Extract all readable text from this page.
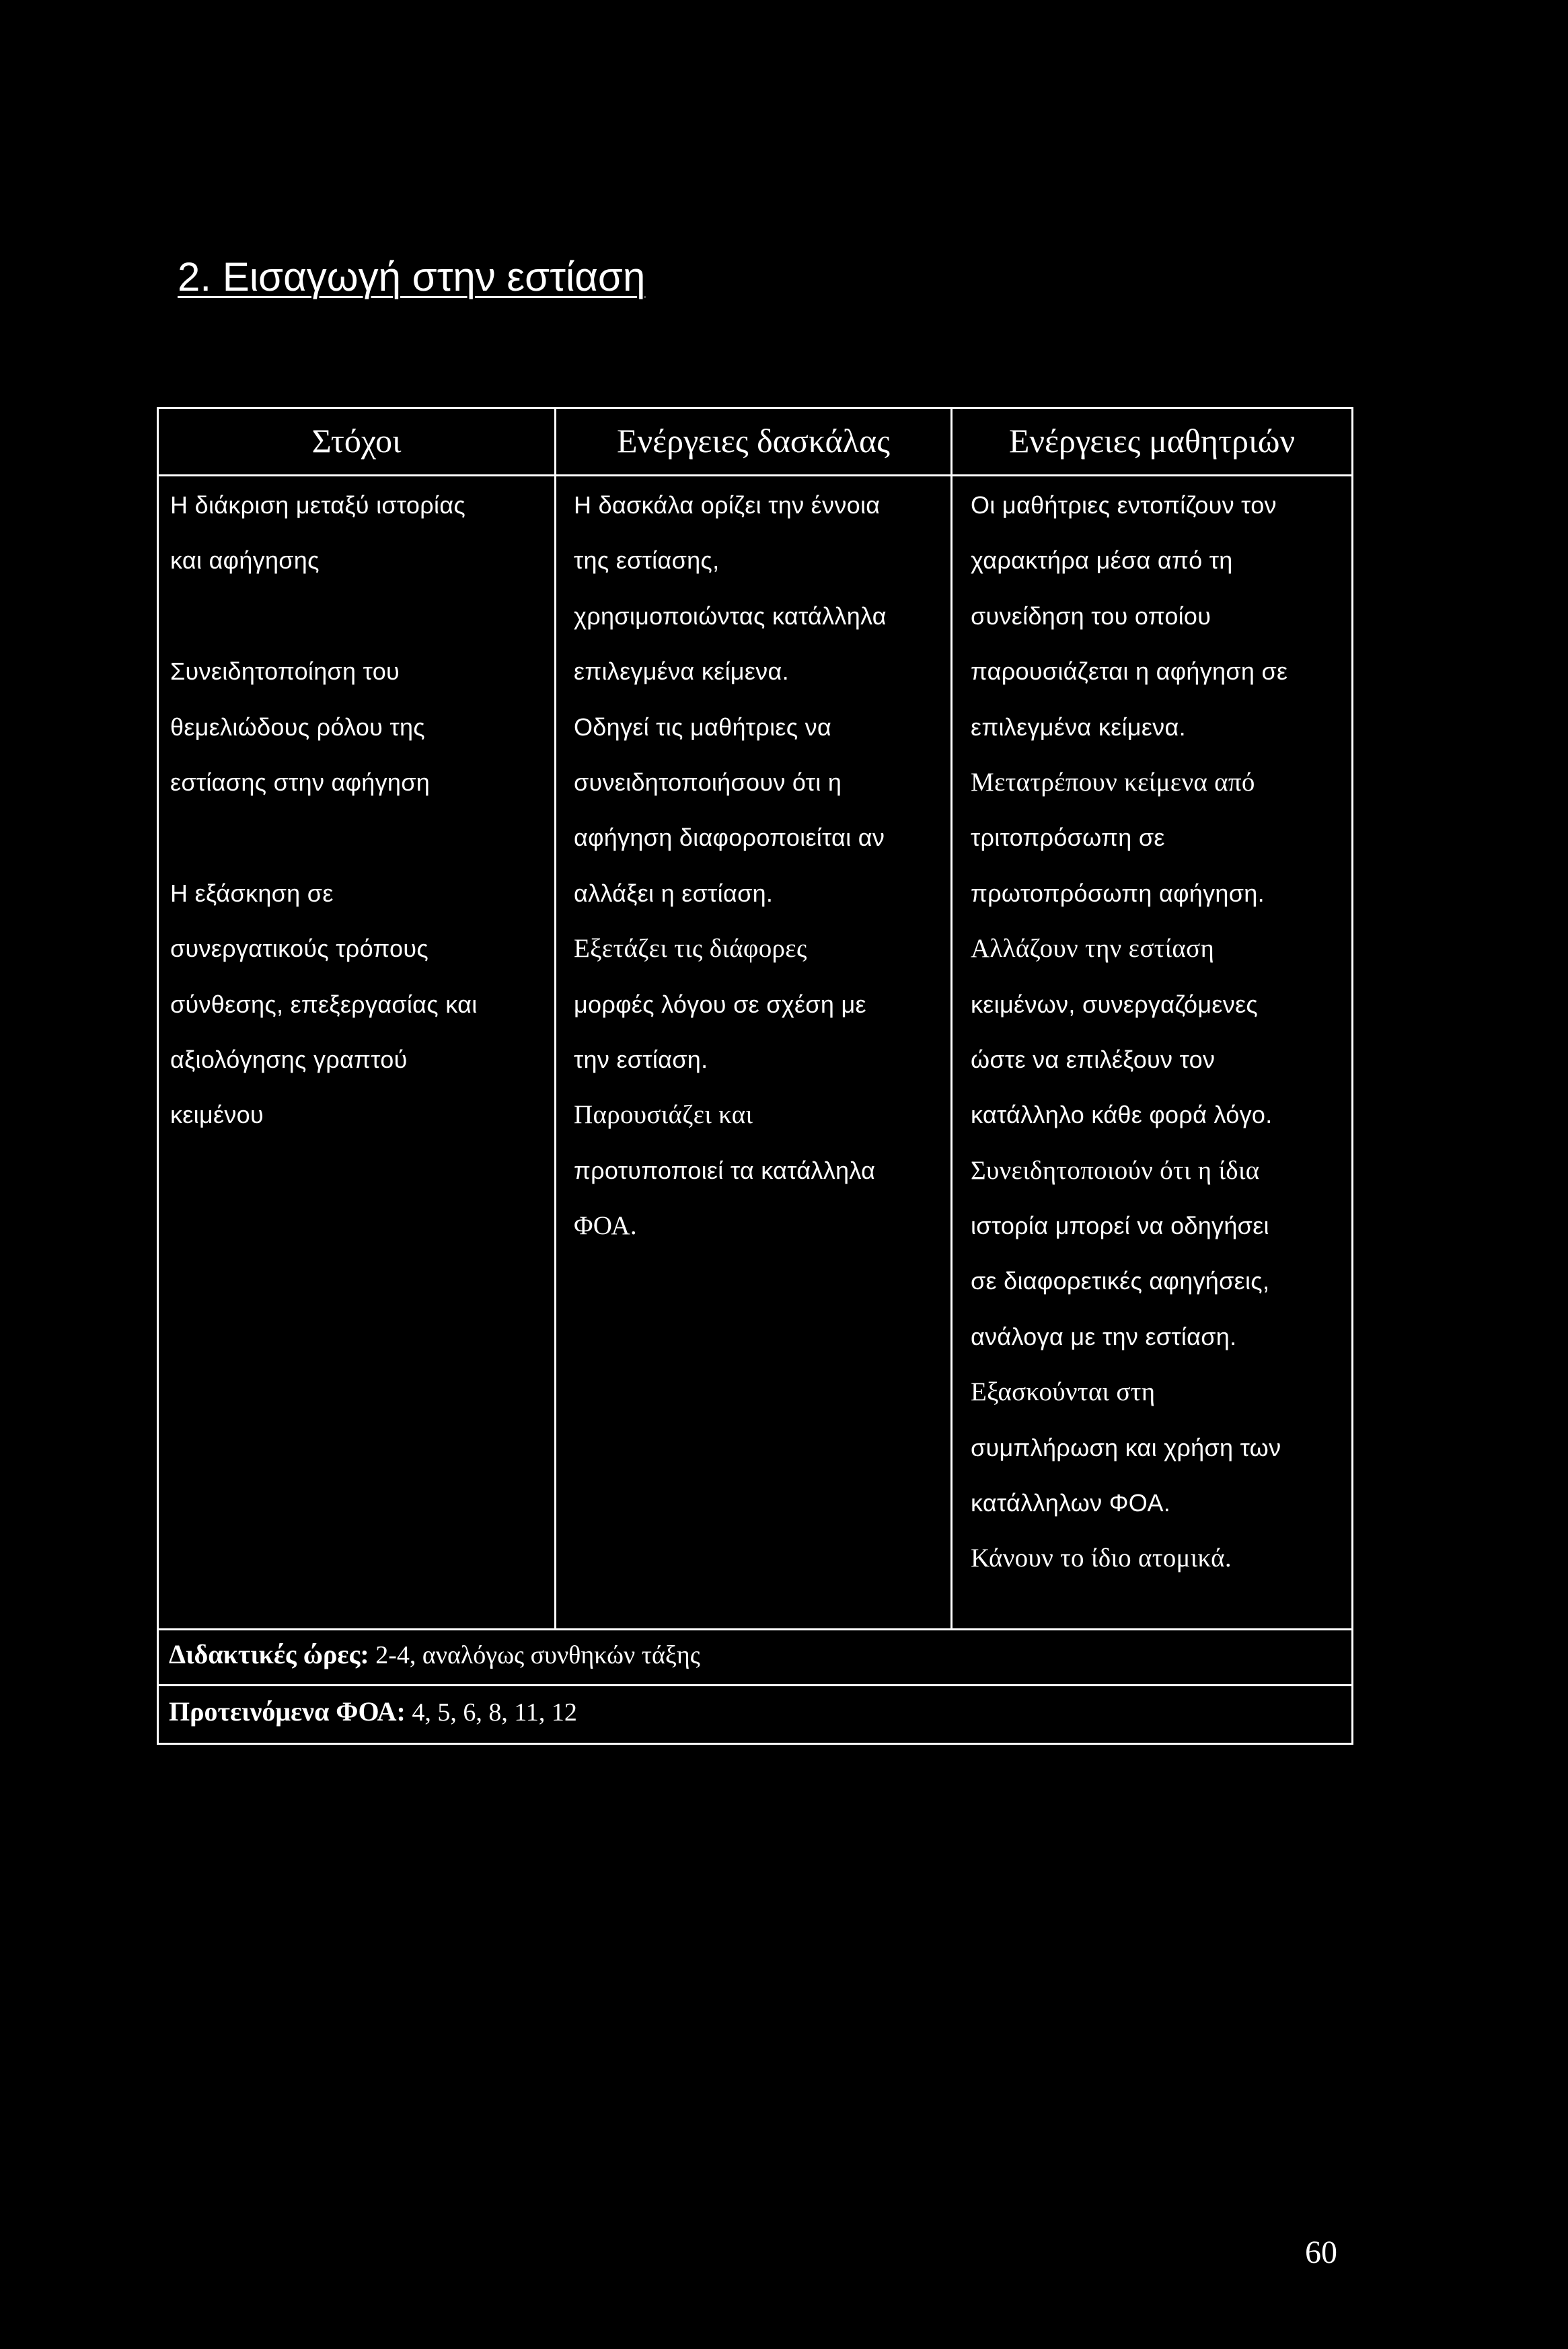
2. Εισαγωγή στην εστίαση
Στόχοι	Ενέργειες δασκάλας	Ενέργειες μαθητριών
Η διάκριση μεταξύ ιστορίας
και αφήγησης
Συνειδητοποίηση του
θεμελιώδους ρόλου της
εστίασης στην αφήγηση
Η εξάσκηση σε
συνεργατικούς τρόπους
σύνθεσης, επεξεργασίας και
αξιολόγησης γραπτού
κειμένου
Η δασκάλα ορίζει την έννοια
της εστίασης,
χρησιμοποιώντας κατάλληλα
επιλεγμένα κείμενα.
Οδηγεί τις μαθήτριες να
συνειδητοποιήσουν ότι η
αφήγηση διαφοροποιείται αν
αλλάξει η εστίαση.
Εξετάζει τις διάφορες
μορφές λόγου σε σχέση με
την εστίαση.
Παρουσιάζει και
προτυποποιεί τα κατάλληλα
ΦΟΑ.
Οι μαθήτριες εντοπίζουν τον
χαρακτήρα μέσα από τη
συνείδηση του οποίου
παρουσιάζεται η αφήγηση σε
επιλεγμένα κείμενα.
Μετατρέπουν κείμενα από
τριτοπρόσωπη σε
πρωτοπρόσωπη αφήγηση.
Αλλάζουν την εστίαση
κειμένων, συνεργαζόμενες
ώστε να επιλέξουν τον
κατάλληλο κάθε φορά λόγο.
Συνειδητοποιούν ότι η ίδια
ιστορία μπορεί να οδηγήσει
σε διαφορετικές αφηγήσεις,
ανάλογα με την εστίαση.
Εξασκούνται στη
συμπλήρωση και χρήση των
κατάλληλων ΦΟΑ.
Κάνουν το ίδιο ατομικά.
Διδακτικές ώρες: 2-4, αναλόγως συνθηκών τάξης
Προτεινόμενα ΦΟΑ: 4, 5, 6, 8, 11, 12
60
